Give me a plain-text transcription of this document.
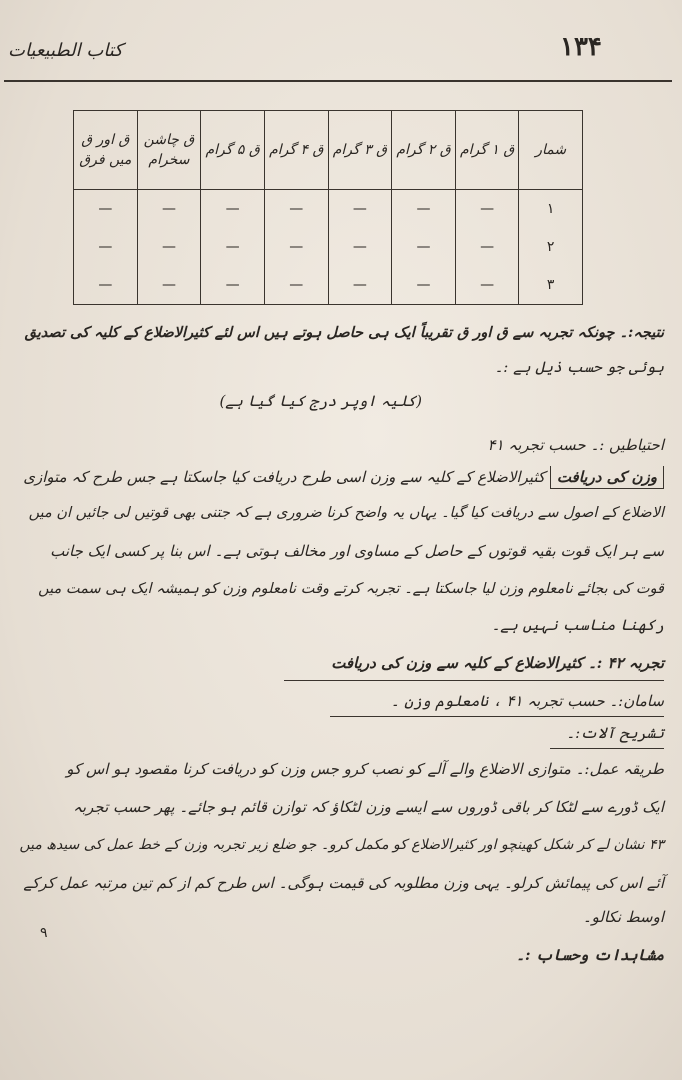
۱۳۴
کتاب الطبیعیات
شمار	ق ۱ گرام	ق ۲ گرام	ق ۳ گرام	ق ۴ گرام	ق ۵ گرام	ق چاشن سخرام	ق اور ق میں فرق
۱	—	—	—	—	—	—	—
۲	—	—	—	—	—	—	—
۳	—	—	—	—	—	—	—
نتیجہ:۔ چونکہ تجربہ سے ق اور ق تقریباً ایک ہی حاصل ہوتے ہیں اس لئے کثیرالاضلاع کے کلیہ کی تصدیق
ہوئی جو حسب ذیل ہے :۔
(کلیہ اوپر درج کیا گیا ہے)
احتیاطیں :۔ حسب تجربہ ۴۱
وزن کی دریافت کثیرالاضلاع کے کلیہ سے وزن اسی طرح دریافت کیا جاسکتا ہے جس طرح کہ متوازی
الاضلاع کے اصول سے دریافت کیا گیا۔ یہاں یہ واضح کرنا ضروری ہے کہ جتنی بھی قوتیں لی جائیں ان میں
سے ہر ایک قوت بقیہ قوتوں کے حاصل کے مساوی اور مخالف ہوتی ہے۔ اس بنا پر کسی ایک جانب
قوت کی بجائے نامعلوم وزن لیا جاسکتا ہے۔ تجربہ کرتے وقت نامعلوم وزن کو ہمیشہ ایک ہی سمت میں
رکھنا مناسب نہیں ہے۔
تجربہ ۴۲ :۔ کثیرالاضلاع کے کلیہ سے وزن کی دریافت
سامان:۔ حسب تجربہ ۴۱ ، نامعلوم وزن ۔
تشریح آلات:۔
طریقہ عمل:۔ متوازی الاضلاع والے آلے کو نصب کرو جس وزن کو دریافت کرنا مقصود ہو اس کو
ایک ڈورے سے لٹکا کر باقی ڈوروں سے ایسے وزن لٹکاؤ کہ توازن قائم ہو جائے۔ پھر حسب تجربہ
۴۳ نشان لے کر شکل کھینچو اور کثیرالاضلاع کو مکمل کرو۔ جو ضلع زیر تجربہ وزن کے خط عمل کی سیدھ میں
آئے اس کی پیمائش کرلو۔ یہی وزن مطلوبہ کی قیمت ہوگی۔ اس طرح کم از کم تین مرتبہ عمل کرکے
اوسط نکالو۔
مشاہدات وحساب :۔
۹
